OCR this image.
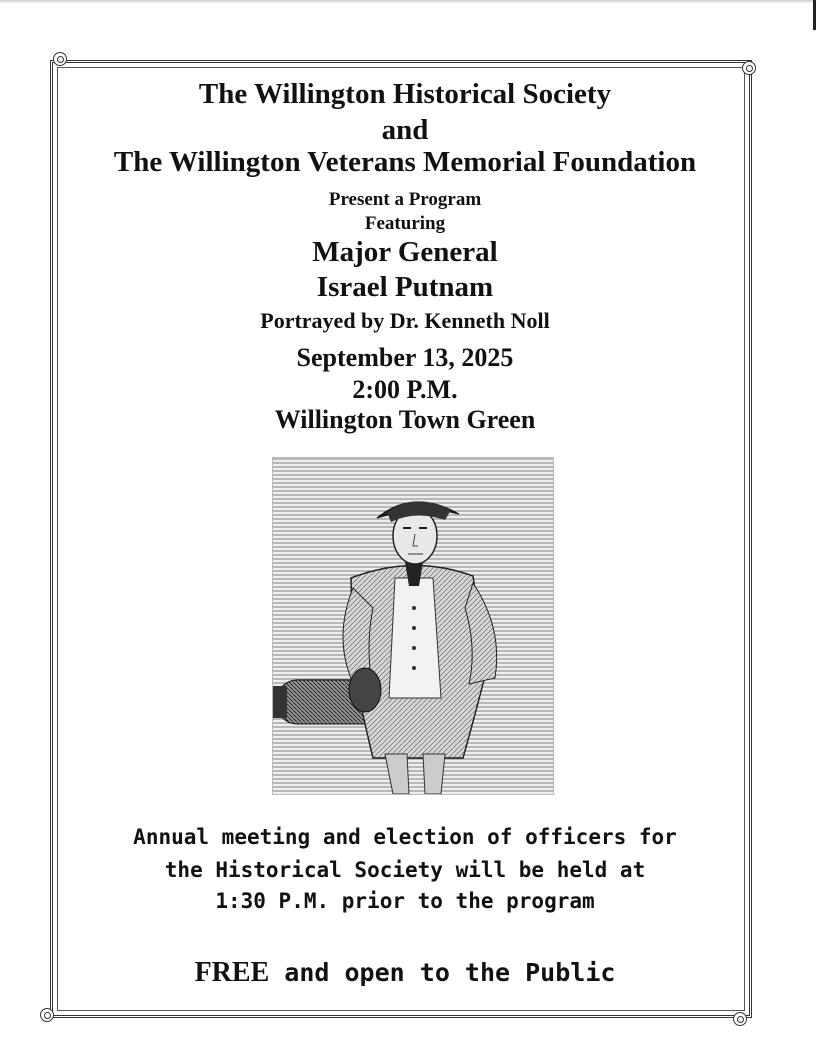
The Willington Historical Society

and

The Willington Veterans Memorial Foundation

Present a Program

Featuring

Major General

Israel Putnam

Portrayed by Dr. Kenneth Noll

September 13, 2025

2:00 P.M.

Willington Town Green

Annual meeting and election of officers for

the Historical Society will be held at

1:30 P.M. prior to the program

FREE and open to the Public
